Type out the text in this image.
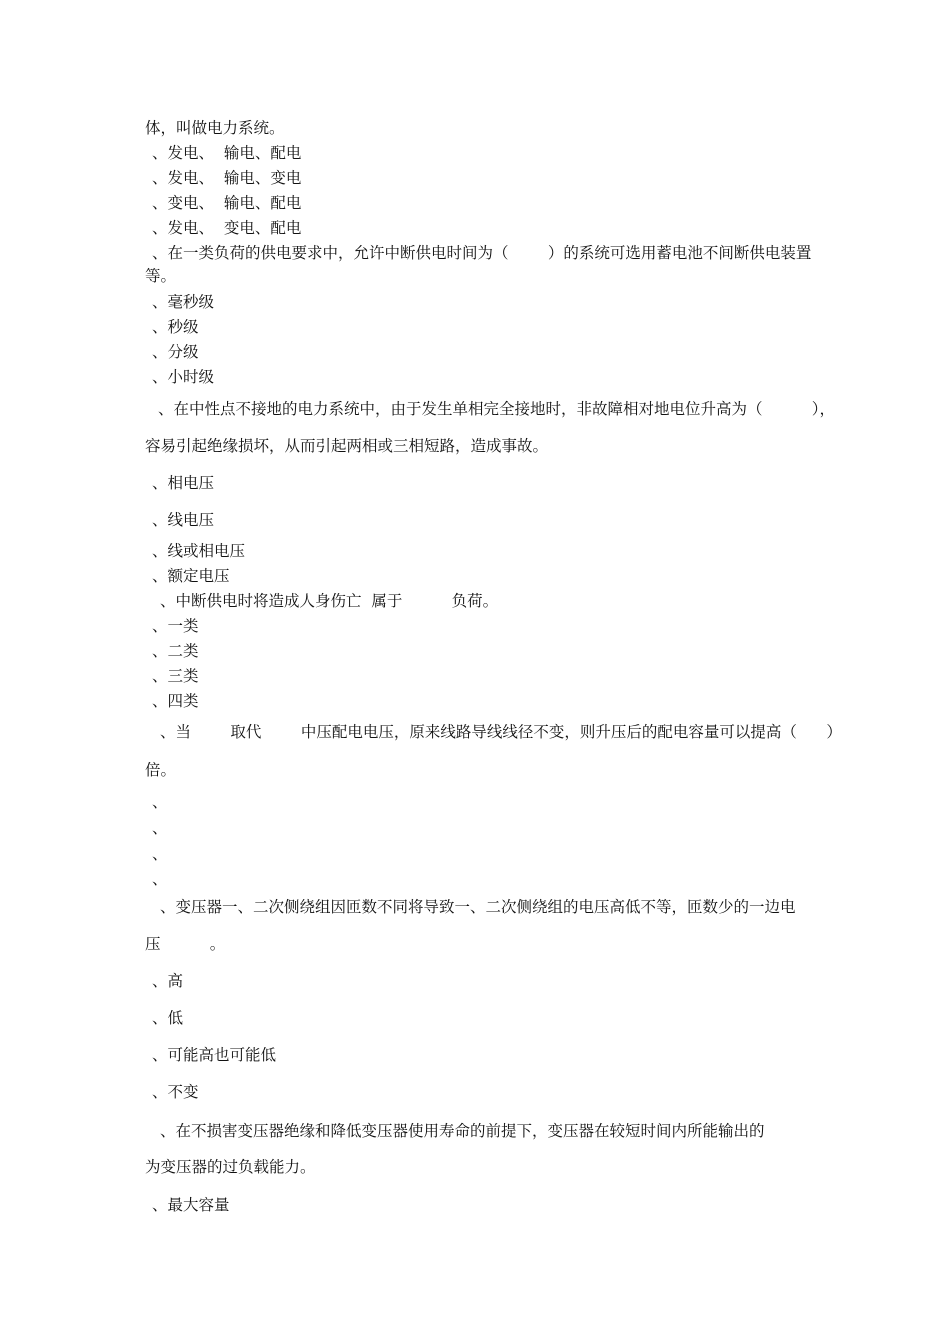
体，叫做电力系统。
、发电、  输电、配电
、发电、  输电、变电
、变电、  输电、配电
、发电、  变电、配电
、在一类负荷的供电要求中，允许中断供电时间为（        ）的系统可选用蓄电池不间断供电装置
等。
、毫秒级
、秒级
、分级
、小时级
、在中性点不接地的电力系统中，由于发生单相完全接地时，非故障相对地电位升高为（          ），
容易引起绝缘损坏，从而引起两相或三相短路，造成事故。
、相电压
、线电压
、线或相电压
、额定电压
、中断供电时将造成人身伤亡  属于          负荷。
、一类
、二类
、三类
、四类
、当        取代        中压配电电压，原来线路导线线径不变，则升压后的配电容量可以提高（      ）
倍。
、
、
、
、
、变压器一、二次侧绕组因匝数不同将导致一、二次侧绕组的电压高低不等，匝数少的一边电
压          。
、高
、低
、可能高也可能低
、不变
、在不损害变压器绝缘和降低变压器使用寿命的前提下，变压器在较短时间内所能输出的
为变压器的过负载能力。
、最大容量
